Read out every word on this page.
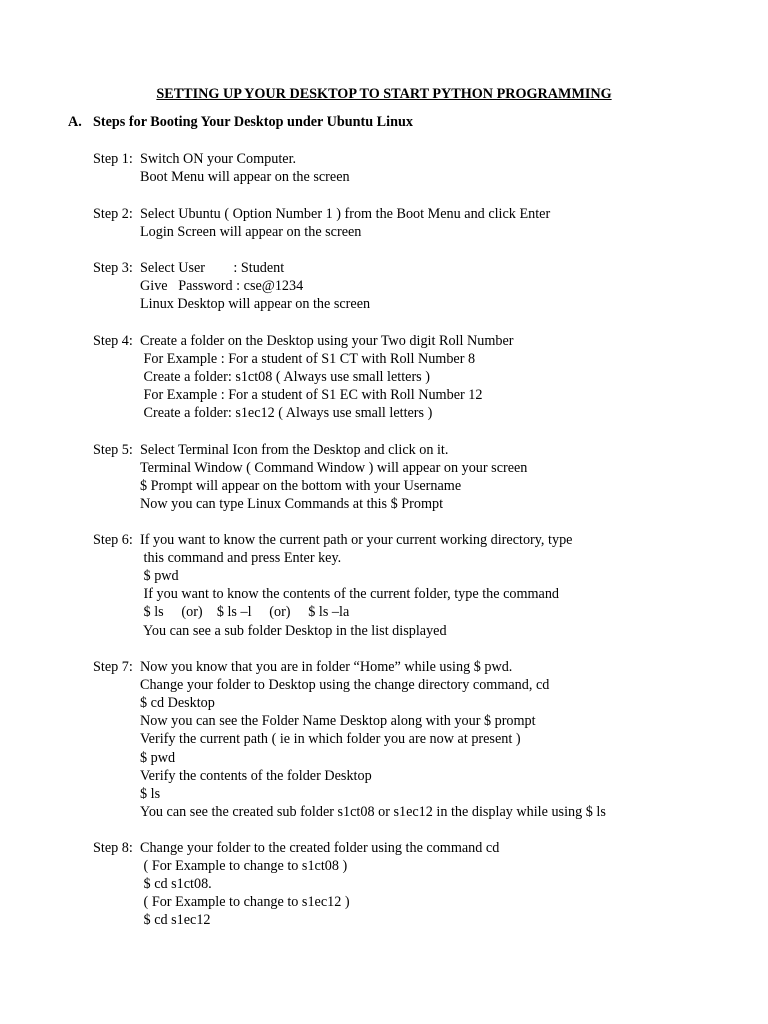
SETTING UP YOUR DESKTOP TO START PYTHON PROGRAMMING
A. Steps for Booting Your Desktop under Ubuntu Linux
Step 1: Switch ON your Computer.
Boot Menu will appear on the screen
Step 2: Select Ubuntu ( Option Number 1 ) from the Boot Menu and click Enter
Login Screen will appear on the screen
Step 3: Select User        : Student
Give   Password : cse@1234
Linux Desktop will appear on the screen
Step 4: Create a folder on the Desktop using your Two digit Roll Number
For Example : For a student of S1 CT with Roll Number 8
Create a folder: s1ct08 ( Always use small letters )
For Example : For a student of S1 EC with Roll Number 12
Create a folder: s1ec12 ( Always use small letters )
Step 5: Select Terminal Icon from the Desktop and click on it.
Terminal Window ( Command Window ) will appear on your screen
$ Prompt will appear on the bottom with your Username
Now you can type Linux Commands at this $ Prompt
Step 6: If you want to know the current path or your current working directory, type
this command and press Enter key.
$ pwd
If you want to know the contents of the current folder, type the command
$ ls     (or)    $ ls –l     (or)     $ ls –la
You can see a sub folder Desktop in the list displayed
Step 7: Now you know that you are in folder “Home” while using $ pwd.
Change your folder to Desktop using the change directory command, cd
$ cd Desktop
Now you can see the Folder Name Desktop along with your $ prompt
Verify the current path ( ie in which folder you are now at present )
$ pwd
Verify the contents of the folder Desktop
$ ls
You can see the created sub folder s1ct08 or s1ec12 in the display while using $ ls
Step 8: Change your folder to the created folder using the command cd
( For Example to change to s1ct08 )
$ cd s1ct08.
( For Example to change to s1ec12 )
$ cd s1ec12
